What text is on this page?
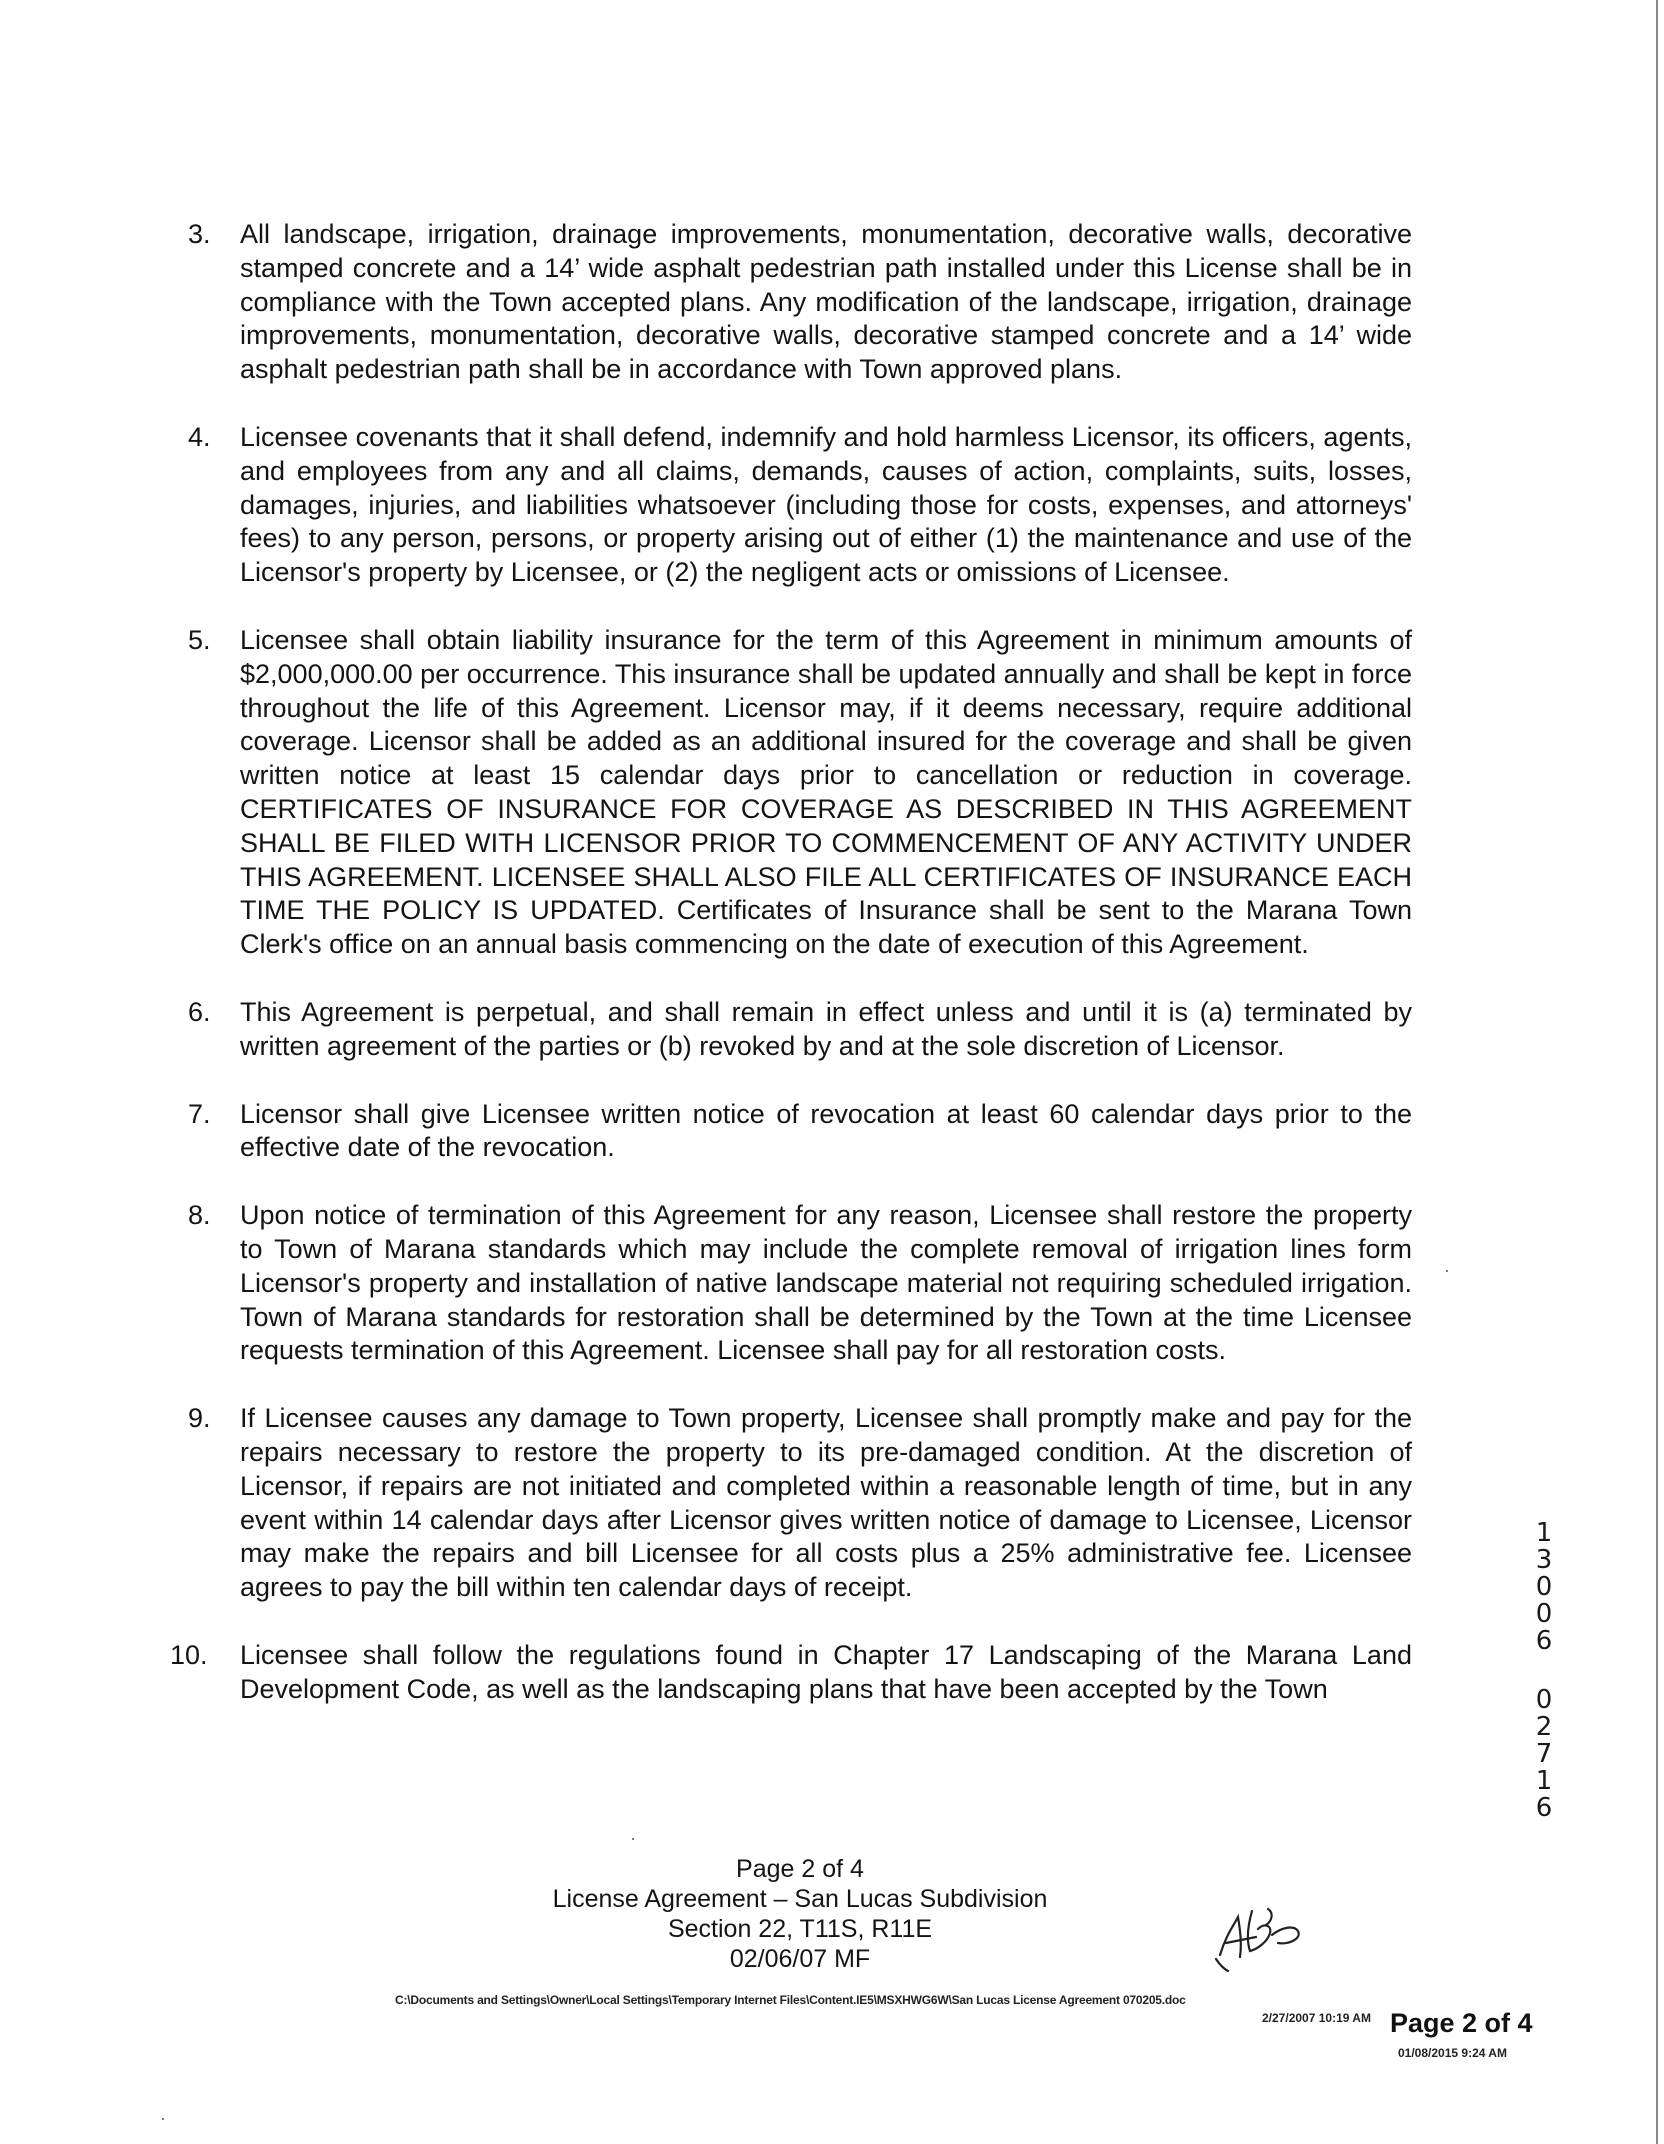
3. All landscape, irrigation, drainage improvements, monumentation, decorative walls, decorative stamped concrete and a 14’ wide asphalt pedestrian path installed under this License shall be in compliance with the Town accepted plans. Any modification of the landscape, irrigation, drainage improvements, monumentation, decorative walls, decorative stamped concrete and a 14’ wide asphalt pedestrian path shall be in accordance with Town approved plans.
4. Licensee covenants that it shall defend, indemnify and hold harmless Licensor, its officers, agents, and employees from any and all claims, demands, causes of action, complaints, suits, losses, damages, injuries, and liabilities whatsoever (including those for costs, expenses, and attorneys' fees) to any person, persons, or property arising out of either (1) the maintenance and use of the Licensor's property by Licensee, or (2) the negligent acts or omissions of Licensee.
5. Licensee shall obtain liability insurance for the term of this Agreement in minimum amounts of $2,000,000.00 per occurrence. This insurance shall be updated annually and shall be kept in force throughout the life of this Agreement. Licensor may, if it deems necessary, require additional coverage. Licensor shall be added as an additional insured for the coverage and shall be given written notice at least 15 calendar days prior to cancellation or reduction in coverage. CERTIFICATES OF INSURANCE FOR COVERAGE AS DESCRIBED IN THIS AGREEMENT SHALL BE FILED WITH LICENSOR PRIOR TO COMMENCEMENT OF ANY ACTIVITY UNDER THIS AGREEMENT. LICENSEE SHALL ALSO FILE ALL CERTIFICATES OF INSURANCE EACH TIME THE POLICY IS UPDATED. Certificates of Insurance shall be sent to the Marana Town Clerk's office on an annual basis commencing on the date of execution of this Agreement.
6. This Agreement is perpetual, and shall remain in effect unless and until it is (a) terminated by written agreement of the parties or (b) revoked by and at the sole discretion of Licensor.
7. Licensor shall give Licensee written notice of revocation at least 60 calendar days prior to the effective date of the revocation.
8. Upon notice of termination of this Agreement for any reason, Licensee shall restore the property to Town of Marana standards which may include the complete removal of irrigation lines form Licensor's property and installation of native landscape material not requiring scheduled irrigation. Town of Marana standards for restoration shall be determined by the Town at the time Licensee requests termination of this Agreement. Licensee shall pay for all restoration costs.
9. If Licensee causes any damage to Town property, Licensee shall promptly make and pay for the repairs necessary to restore the property to its pre-damaged condition. At the discretion of Licensor, if repairs are not initiated and completed within a reasonable length of time, but in any event within 14 calendar days after Licensor gives written notice of damage to Licensee, Licensor may make the repairs and bill Licensee for all costs plus a 25% administrative fee. Licensee agrees to pay the bill within ten calendar days of receipt.
10. Licensee shall follow the regulations found in Chapter 17 Landscaping of the Marana Land Development Code, as well as the landscaping plans that have been accepted by the Town
1
3
0
0
6
0
2
7
1
6
Page 2 of 4
License Agreement – San Lucas Subdivision
Section 22, T11S, R11E
02/06/07 MF
C:\Documents and Settings\Owner\Local Settings\Temporary Internet Files\Content.IE5\MSXHWG6W\San Lucas License Agreement 070205.doc
2/27/2007 10:19 AM Page 2 of 4
01/08/2015 9:24 AM
